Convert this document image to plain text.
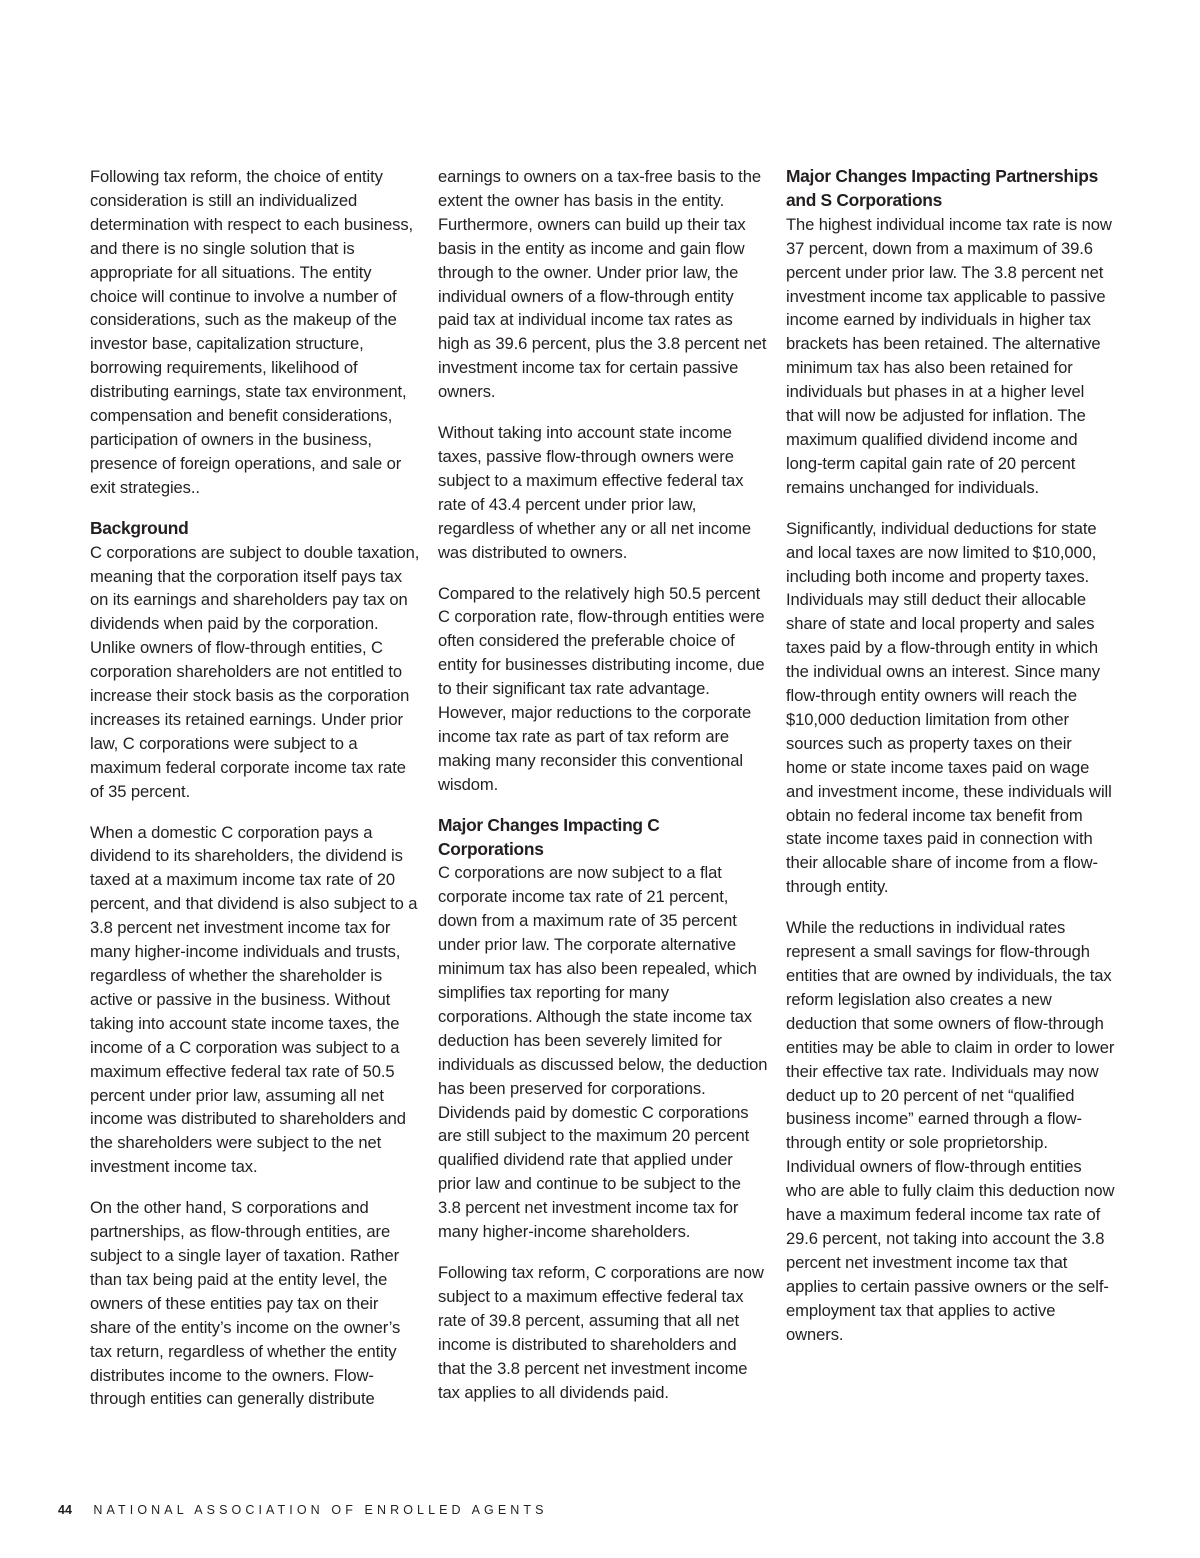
Following tax reform, the choice of entity consideration is still an individualized determination with respect to each business, and there is no single solution that is appropriate for all situations. The entity choice will continue to involve a number of considerations, such as the makeup of the investor base, capitalization structure, borrowing requirements, likelihood of distributing earnings, state tax environment, compensation and benefit considerations, participation of owners in the business, presence of foreign operations, and sale or exit strategies..

Background

C corporations are subject to double taxation, meaning that the corporation itself pays tax on its earnings and shareholders pay tax on dividends when paid by the corporation. Unlike owners of flow-through entities, C corporation shareholders are not entitled to increase their stock basis as the corporation increases its retained earnings. Under prior law, C corporations were subject to a maximum federal corporate income tax rate of 35 percent.

When a domestic C corporation pays a dividend to its shareholders, the dividend is taxed at a maximum income tax rate of 20 percent, and that dividend is also subject to a 3.8 percent net investment income tax for many higher-income individuals and trusts, regardless of whether the shareholder is active or passive in the business. Without taking into account state income taxes, the income of a C corporation was subject to a maximum effective federal tax rate of 50.5 percent under prior law, assuming all net income was distributed to shareholders and the shareholders were subject to the net investment income tax.

On the other hand, S corporations and partnerships, as flow-through entities, are subject to a single layer of taxation. Rather than tax being paid at the entity level, the owners of these entities pay tax on their share of the entity’s income on the owner’s tax return, regardless of whether the entity distributes income to the owners. Flow-through entities can generally distribute

earnings to owners on a tax-free basis to the extent the owner has basis in the entity. Furthermore, owners can build up their tax basis in the entity as income and gain flow through to the owner. Under prior law, the individual owners of a flow-through entity paid tax at individual income tax rates as high as 39.6 percent, plus the 3.8 percent net investment income tax for certain passive owners.

Without taking into account state income taxes, passive flow-through owners were subject to a maximum effective federal tax rate of 43.4 percent under prior law, regardless of whether any or all net income was distributed to owners.

Compared to the relatively high 50.5 percent C corporation rate, flow-through entities were often considered the preferable choice of entity for businesses distributing income, due to their significant tax rate advantage. However, major reductions to the corporate income tax rate as part of tax reform are making many reconsider this conventional wisdom.

Major Changes Impacting C Corporations

C corporations are now subject to a flat corporate income tax rate of 21 percent, down from a maximum rate of 35 percent under prior law. The corporate alternative minimum tax has also been repealed, which simplifies tax reporting for many corporations. Although the state income tax deduction has been severely limited for individuals as discussed below, the deduction has been preserved for corporations. Dividends paid by domestic C corporations are still subject to the maximum 20 percent qualified dividend rate that applied under prior law and continue to be subject to the 3.8 percent net investment income tax for many higher-income shareholders.

Following tax reform, C corporations are now subject to a maximum effective federal tax rate of 39.8 percent, assuming that all net income is distributed to shareholders and that the 3.8 percent net investment income tax applies to all dividends paid.

Major Changes Impacting Partnerships and S Corporations

The highest individual income tax rate is now 37 percent, down from a maximum of 39.6 percent under prior law. The 3.8 percent net investment income tax applicable to passive income earned by individuals in higher tax brackets has been retained. The alternative minimum tax has also been retained for individuals but phases in at a higher level that will now be adjusted for inflation. The maximum qualified dividend income and long-term capital gain rate of 20 percent remains unchanged for individuals.

Significantly, individual deductions for state and local taxes are now limited to $10,000, including both income and property taxes. Individuals may still deduct their allocable share of state and local property and sales taxes paid by a flow-through entity in which the individual owns an interest. Since many flow-through entity owners will reach the $10,000 deduction limitation from other sources such as property taxes on their home or state income taxes paid on wage and investment income, these individuals will obtain no federal income tax benefit from state income taxes paid in connection with their allocable share of income from a flow-through entity.

While the reductions in individual rates represent a small savings for flow-through entities that are owned by individuals, the tax reform legislation also creates a new deduction that some owners of flow-through entities may be able to claim in order to lower their effective tax rate. Individuals may now deduct up to 20 percent of net “qualified business income” earned through a flow-through entity or sole proprietorship. Individual owners of flow-through entities who are able to fully claim this deduction now have a maximum federal income tax rate of 29.6 percent, not taking into account the 3.8 percent net investment income tax that applies to certain passive owners or the self-employment tax that applies to active owners.

44 NATIONAL ASSOCIATION OF ENROLLED AGENTS
